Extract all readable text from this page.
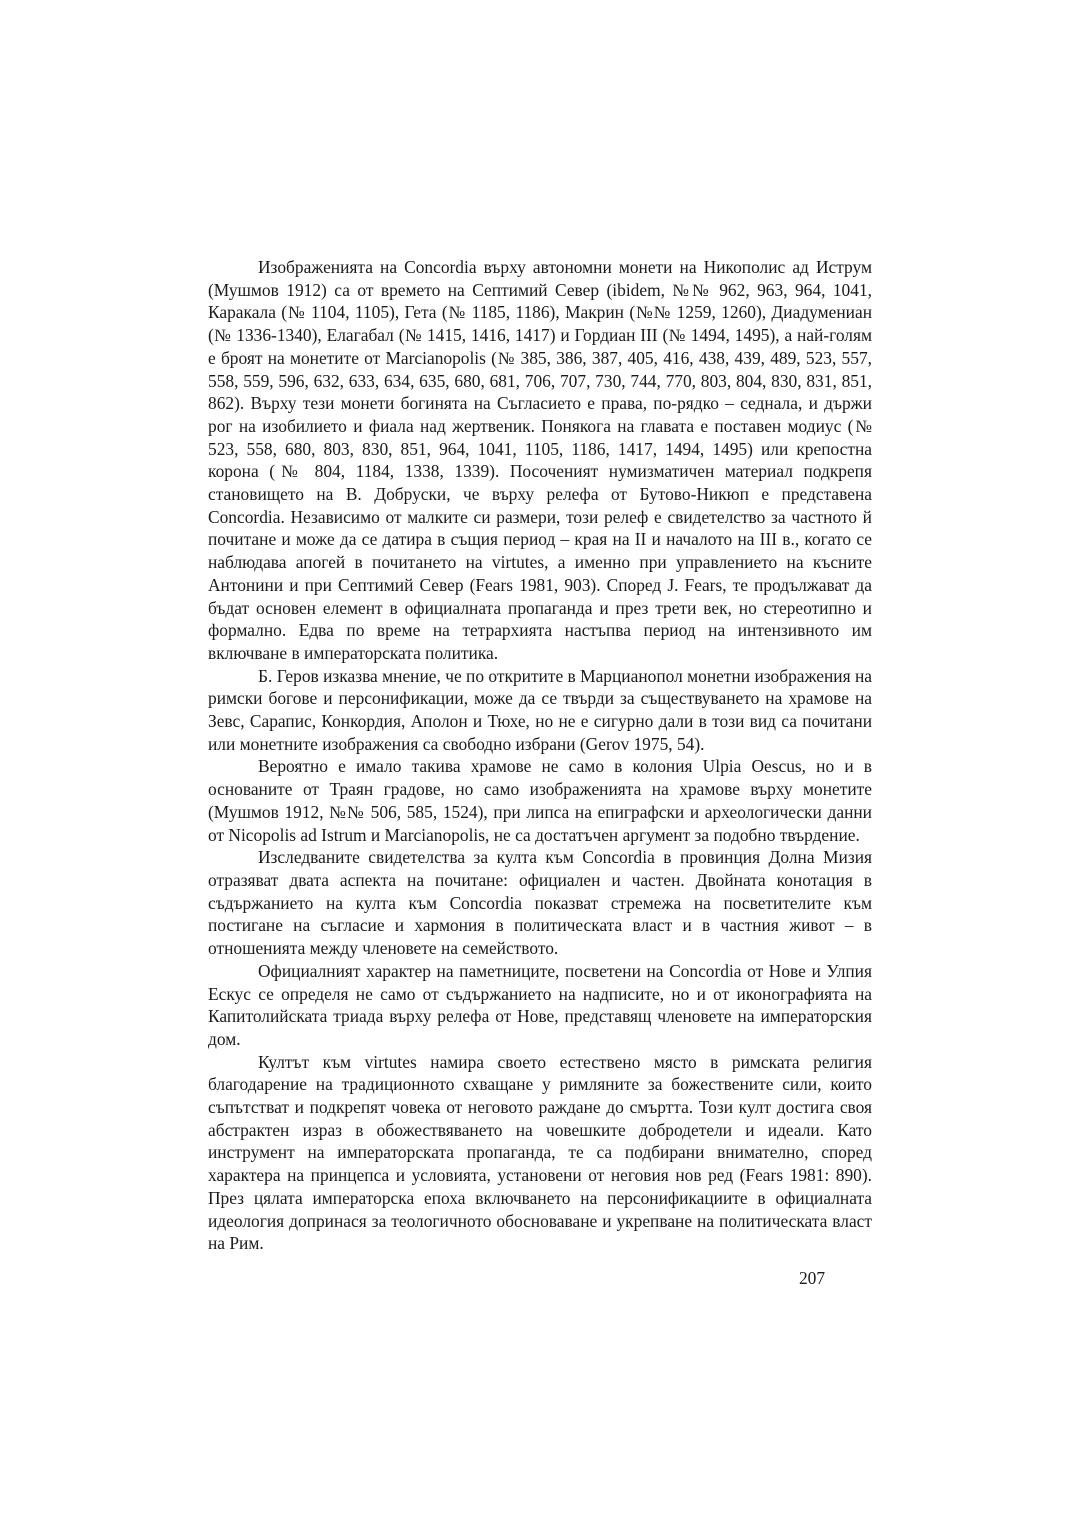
Изображенията на Concordia върху автономни монети на Никополис ад Иструм (Мушмов 1912) са от времето на Септимий Север (ibidem, №№ 962, 963, 964, 1041, Каракала (№ 1104, 1105), Гета (№ 1185, 1186), Макрин (№№ 1259, 1260), Диадумениан (№ 1336-1340), Елагабал (№ 1415, 1416, 1417) и Гордиан III (№ 1494, 1495), а най-голям е броят на монетите от Marcianopolis (№ 385, 386, 387, 405, 416, 438, 439, 489, 523, 557, 558, 559, 596, 632, 633, 634, 635, 680, 681, 706, 707, 730, 744, 770, 803, 804, 830, 831, 851, 862). Върху тези монети богинята на Съгласието е права, по-рядко – седнала, и държи рог на изобилието и фиала над жертвеник. Понякога на главата е поставен модиус (№ 523, 558, 680, 803, 830, 851, 964, 1041, 1105, 1186, 1417, 1494, 1495) или крепостна корона (№ 804, 1184, 1338, 1339). Посоченият нумизматичен материал подкрепя становището на В. Добруски, че върху релефа от Бутово-Никюп е представена Concordia. Независимо от малките си размери, този релеф е свидетелство за частното й почитане и може да се датира в същия период – края на II и началото на III в., когато се наблюдава апогей в почитането на virtutes, а именно при управлението на късните Антонини и при Септимий Север (Fears 1981, 903). Според J. Fears, те продължават да бъдат основен елемент в официалната пропаганда и през трети век, но стереотипно и формално. Едва по време на тетрархията настъпва период на интензивното им включване в императорската политика.

Б. Геров изказва мнение, че по откритите в Марцианопол монетни изображения на римски богове и персонификации, може да се твърди за съществуването на храмове на Зевс, Сарапис, Конкордия, Аполон и Тюхе, но не е сигурно дали в този вид са почитани или монетните изображения са свободно избрани (Gerov 1975, 54).

Вероятно е имало такива храмове не само в колония Ulpia Oescus, но и в основаните от Траян градове, но само изображенията на храмове върху монетите (Мушмов 1912, №№ 506, 585, 1524), при липса на епиграфски и археологически данни от Nicopolis ad Istrum и Marcianopolis, не са достатъчен аргумент за подобно твърдение.

Изследваните свидетелства за култа към Concordia в провинция Долна Мизия отразяват двата аспекта на почитане: официален и частен. Двойната конотация в съдържанието на култа към Concordia показват стремежа на посветителите към постигане на съгласие и хармония в политическата власт и в частния живот – в отношенията между членовете на семейството.

Официалният характер на паметниците, посветени на Concordia от Нове и Улпия Ескус се определя не само от съдържанието на надписите, но и от иконографията на Капитолийската триада върху релефа от Нове, представящ членовете на императорския дом.

Култът към virtutes намира своето естествено място в римската религия благодарение на традиционното схващане у римляните за божествените сили, които съпътстват и подкрепят човека от неговото раждане до смъртта. Този култ достига своя абстрактен израз в обожествяването на човешките добродетели и идеали. Като инструмент на императорската пропаганда, те са подбирани внимателно, според характера на принцепса и условията, установени от неговия нов ред (Fears 1981: 890). През цялата императорска епоха включването на персонификациите в официалната идеология допринася за теологичното обосноваване и укрепване на политическата власт на Рим.

207
